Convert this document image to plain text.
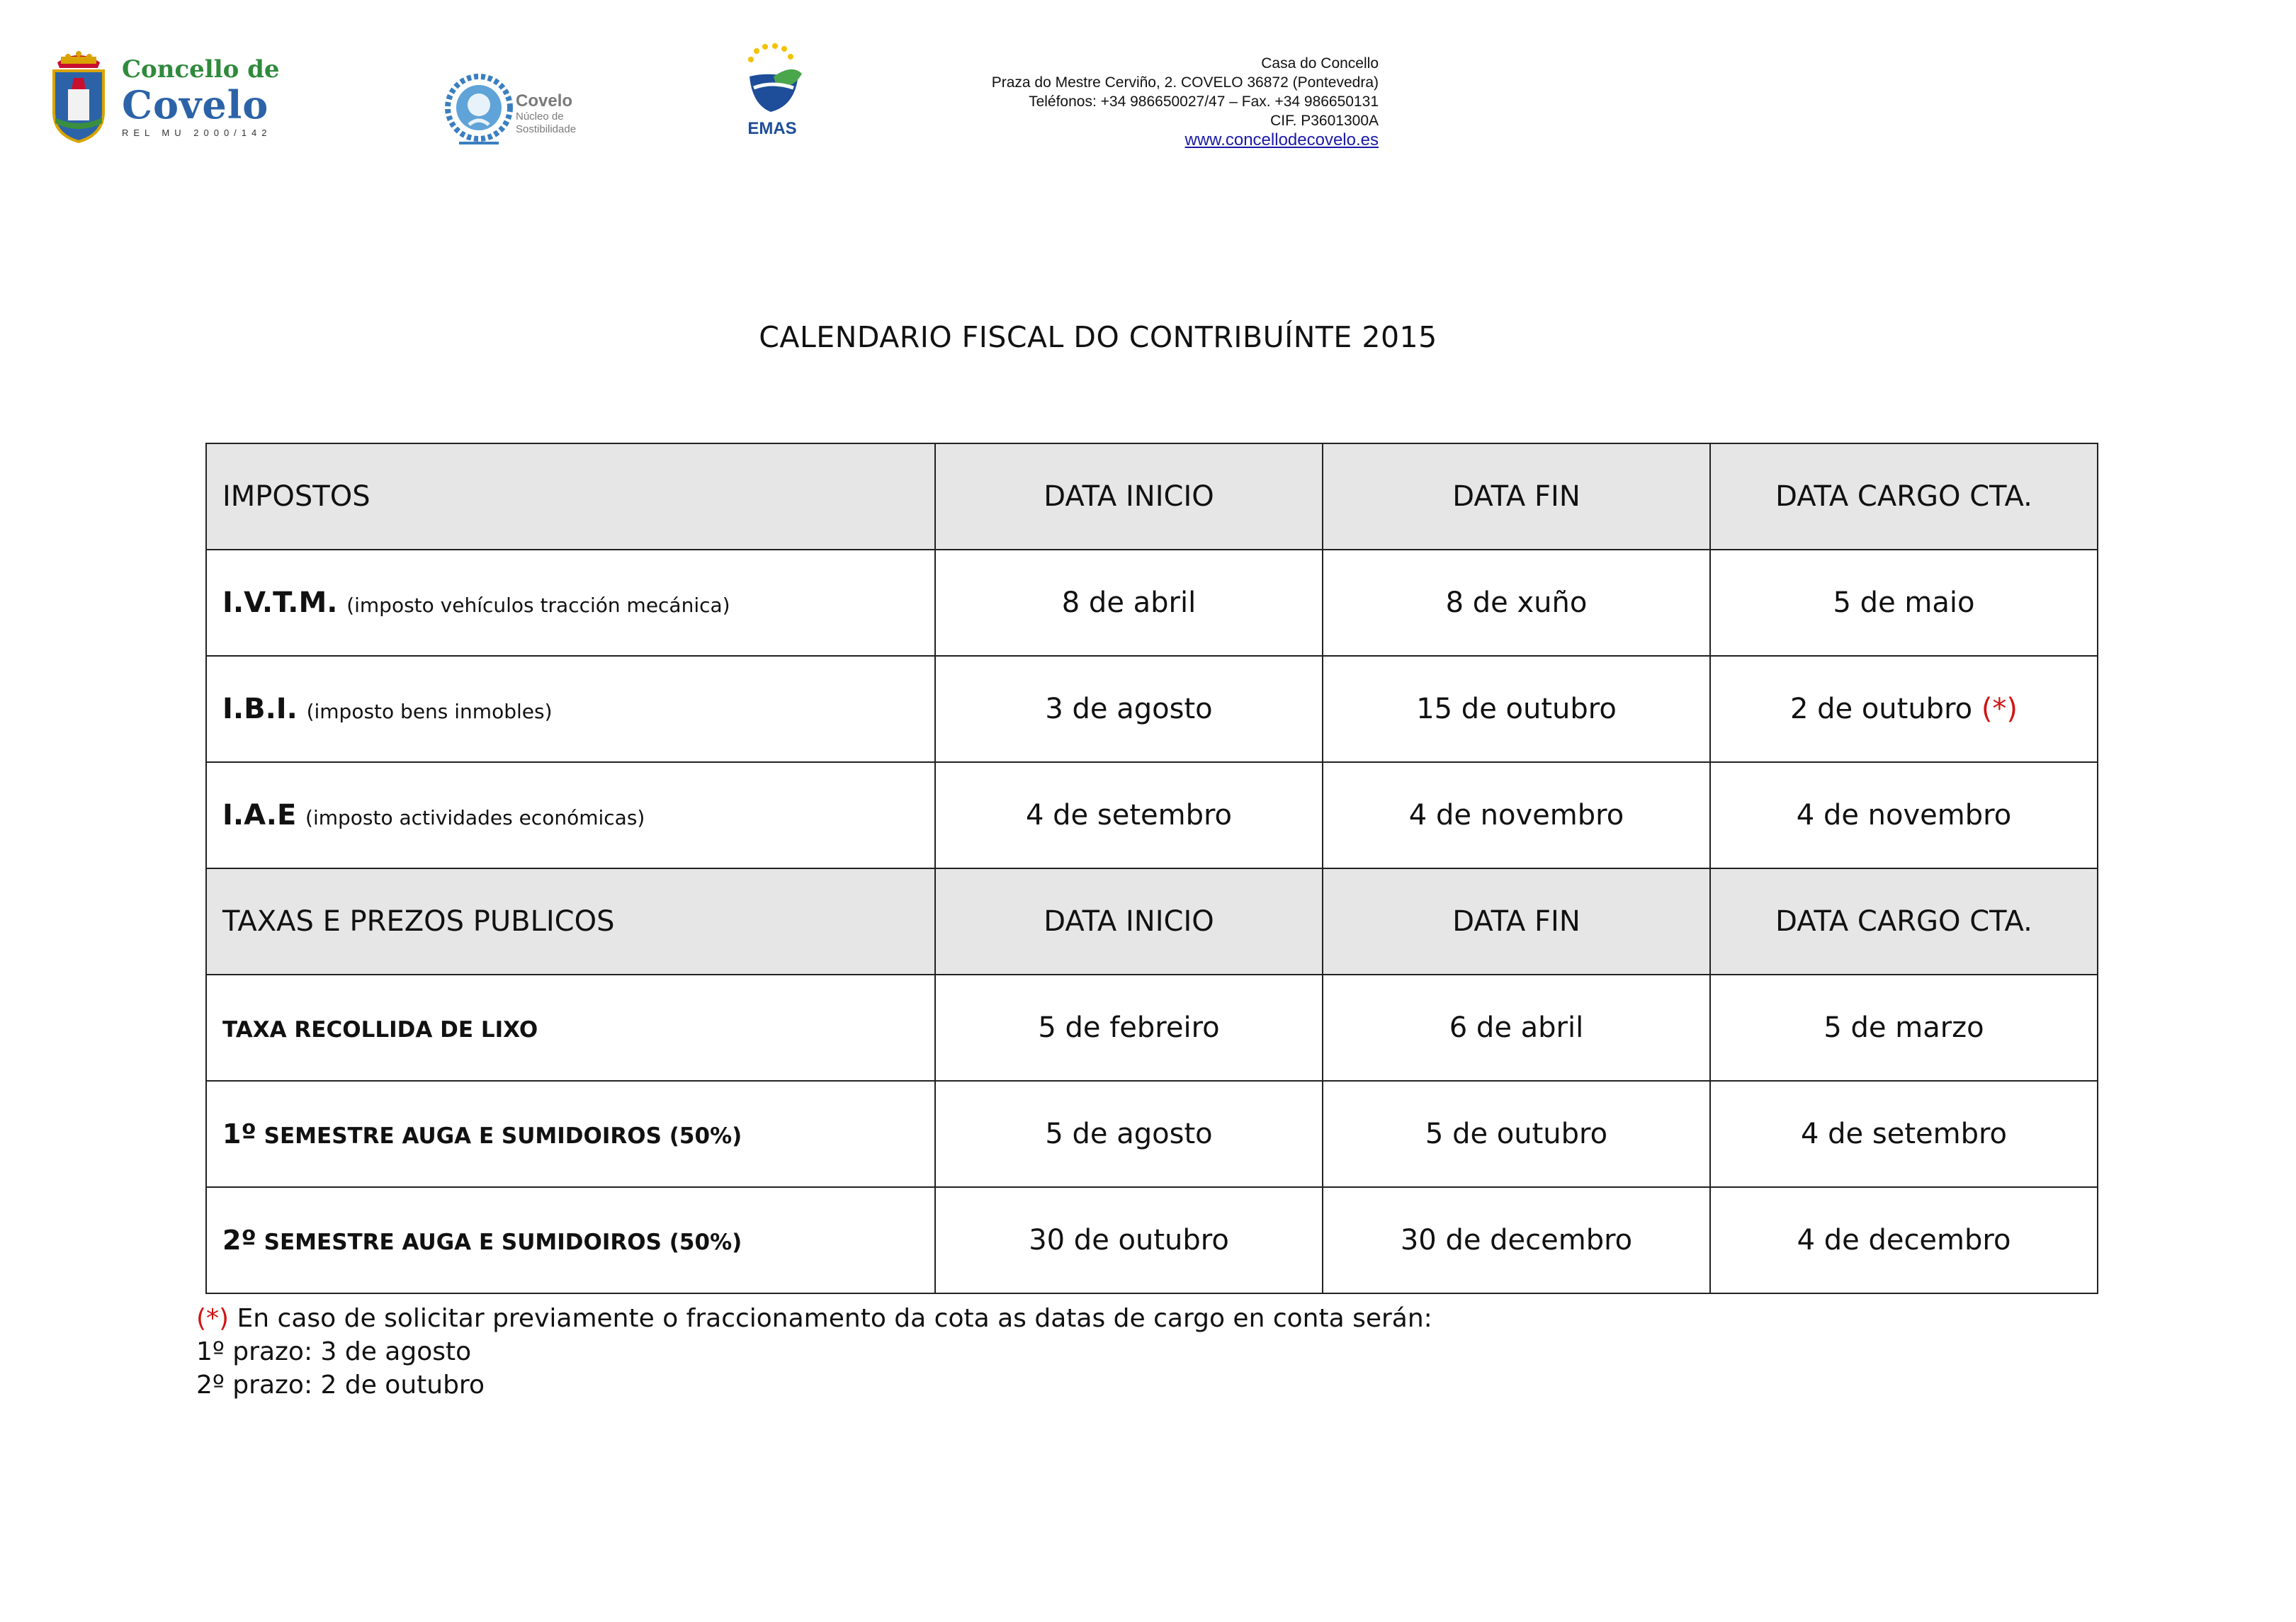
Concello de
Covelo
REL MU 2000/142
Covelo
Núcleo de
Sostibilidade	EMAS
Casa do Concello
Praza do Mestre Cerviño, 2. COVELO 36872 (Pontevedra)
Teléfonos: +34 986650027/47 – Fax. +34 986650131
CIF. P3601300A
www.concellodecovelo.es
CALENDARIO FISCAL DO CONTRIBUÍNTE 2015
IMPOSTOS	DATA INICIO	DATA FIN	DATA CARGO CTA.
I.V.T.M. (imposto vehículos tracción mecánica)	8 de abril	8 de xuño	5 de maio
I.B.I. (imposto bens inmobles)	3 de agosto	15 de outubro	2 de outubro (*)
I.A.E (imposto actividades económicas)	4 de setembro	4 de novembro	4 de novembro
TAXAS E PREZOS PUBLICOS	DATA INICIO	DATA FIN	DATA CARGO CTA.
TAXA RECOLLIDA DE LIXO	5 de febreiro	6 de abril	5 de marzo
1º SEMESTRE AUGA E SUMIDOIROS (50%)	5 de agosto	5 de outubro	4 de setembro
2º SEMESTRE AUGA E SUMIDOIROS (50%)	30 de outubro	30 de decembro	4 de decembro
(*) En caso de solicitar previamente o fraccionamento da cota as datas de cargo en conta serán:
1º prazo: 3 de agosto
2º prazo: 2 de outubro
